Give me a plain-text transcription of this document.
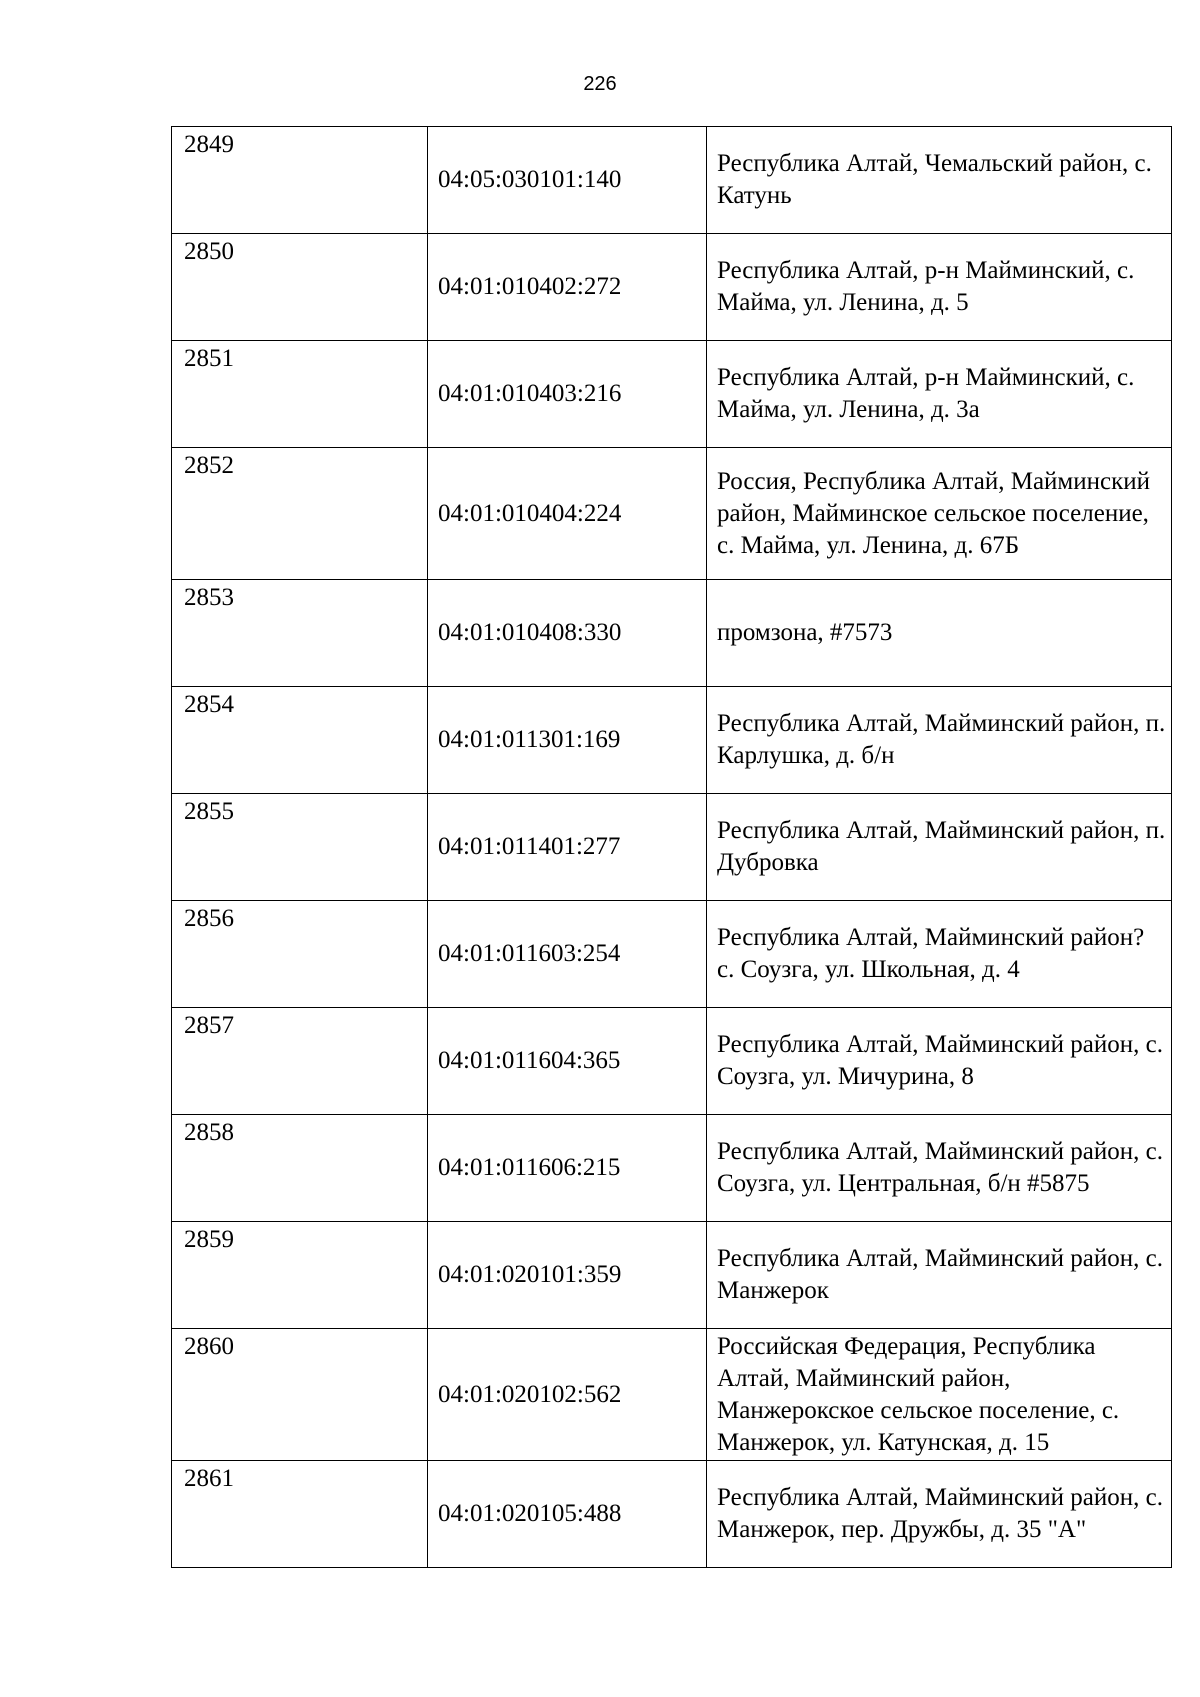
226
2849	04:05:030101:140	Республика Алтай, Чемальский район, с. Катунь
2850	04:01:010402:272	Республика Алтай, р-н Майминский, с. Майма, ул. Ленина, д. 5
2851	04:01:010403:216	Республика Алтай, р-н Майминский, с. Майма, ул. Ленина, д. 3а
2852	04:01:010404:224	Россия, Республика Алтай, Майминский район, Майминское сельское поселение, с. Майма, ул. Ленина, д. 67Б
2853	04:01:010408:330	промзона, #7573
2854	04:01:011301:169	Республика Алтай, Майминский район, п. Карлушка, д. б/н
2855	04:01:011401:277	Республика Алтай, Майминский район, п. Дубровка
2856	04:01:011603:254	Республика Алтай, Майминский район? с. Соузга, ул. Школьная, д. 4
2857	04:01:011604:365	Республика Алтай, Майминский район, с. Соузга, ул. Мичурина, 8
2858	04:01:011606:215	Республика Алтай, Майминский район, с. Соузга, ул. Центральная, б/н #5875
2859	04:01:020101:359	Республика Алтай, Майминский район, с. Манжерок
2860	04:01:020102:562	Российская Федерация, Республика Алтай, Майминский район, Манжерокское сельское поселение, с. Манжерок, ул. Катунская, д. 15
2861	04:01:020105:488	Республика Алтай, Майминский район, с. Манжерок, пер. Дружбы, д. 35 "А"
